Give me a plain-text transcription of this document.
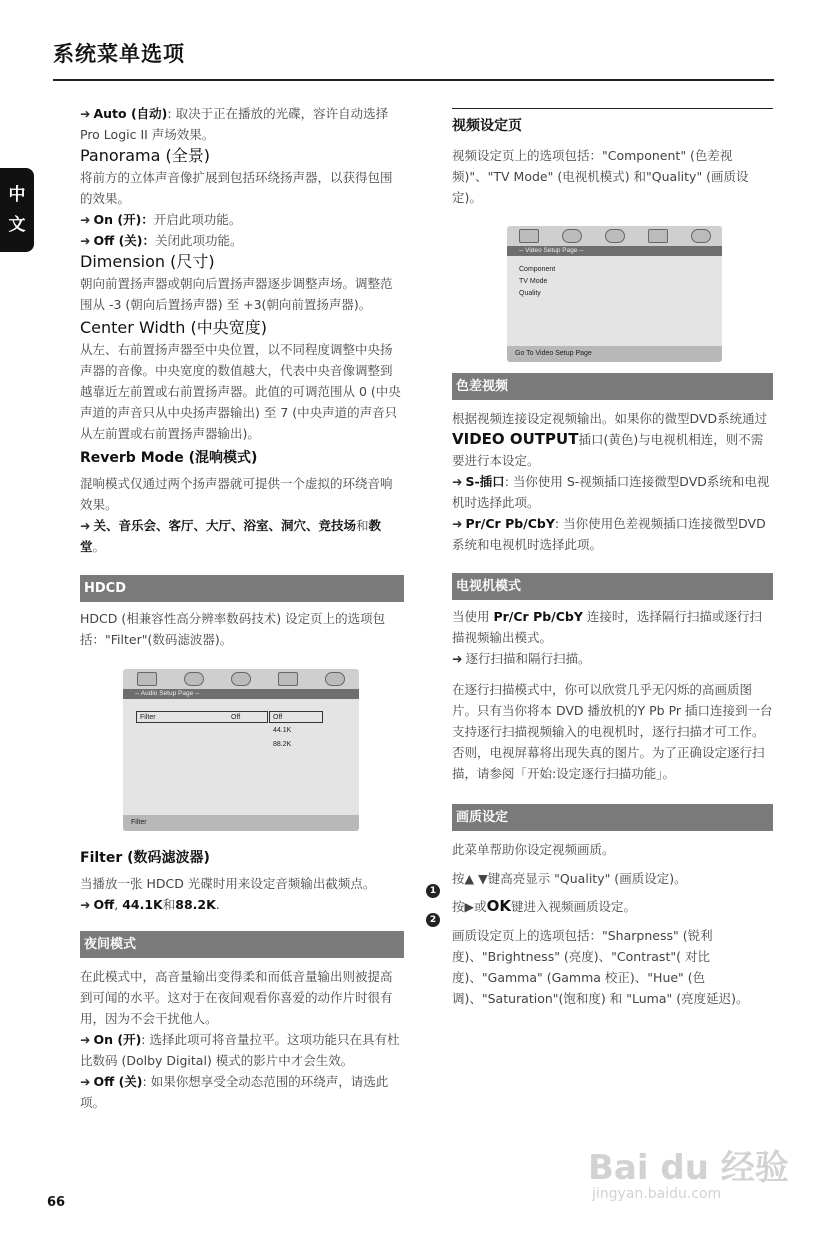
系统菜单选项
中
文
➜ Auto (自动): 取决于正在播放的光碟，容许自动选择 Pro Logic II 声场效果。
Panorama (全景)

将前方的立体声音像扩展到包括环绕扬声器，以获得包围的效果。

➜ On (开)：开启此项功能。
➜ Off (关)：关闭此项功能。
Dimension (尺寸)

朝向前置扬声器或朝向后置扬声器逐步调整声场。调整范围从 -3 (朝向后置扬声器) 至 +3(朝向前置扬声器)。

Center Width (中央宽度)

从左、右前置扬声器至中央位置，以不同程度调整中央扬声器的音像。中央宽度的数值越大，代表中央音像调整到越靠近左前置或右前置扬声器。此值的可调范围从 0 (中央声道的声音只从中央扬声器输出) 至 7 (中央声道的声音只从左前置或右前置扬声器输出)。

Reverb Mode (混响模式)

混响模式仅通过两个扬声器就可提供一个虚拟的环绕音响效果。

➜ 关、音乐会、客厅、大厅、浴室、洞穴、竞技场和教堂。
HDCD

HDCD (相兼容性高分辨率数码技术) 设定页上的选项包括："Filter"(数码滤波器)。

-- Audio Setup Page --
Filter	Off	Off
44.1K
88.2K
Filter
Filter (数码滤波器)

当播放一张 HDCD 光碟时用来设定音频输出截频点。

➜ Off, 44.1K和88.2K.
夜间模式

在此模式中，高音量输出变得柔和而低音量输出则被提高到可闻的水平。这对于在夜间观看你喜爱的动作片时很有用，因为不会干扰他人。

➜ On (开): 选择此项可将音量拉平。这项功能只在具有杜比数码 (Dolby Digital) 模式的影片中才会生效。
➜ Off (关): 如果你想享受全动态范围的环绕声，请选此项。
视频设定页

视频设定页上的选项包括："Component" (色差视频)"、"TV Mode" (电视机模式) 和"Quality" (画质设定)。

-- Video Setup Page --
Component
TV Mode
Quality
Go To Video Setup Page
色差视频

根据视频连接设定视频输出。如果你的微型DVD系统通过VIDEO OUTPUT插口(黄色)与电视机相连，则不需要进行本设定。

➜ S-插口: 当你使用 S-视频插口连接微型DVD系统和电视机时选择此项。
➜ Pr/Cr Pb/CbY: 当你使用色差视频插口连接微型DVD 系统和电视机时选择此项。
电视机模式

当使用 Pr/Cr Pb/CbY 连接时，选择隔行扫描或逐行扫描视频输出模式。

➜ 逐行扫描和隔行扫描。

在逐行扫描模式中，你可以欣赏几乎无闪烁的高画质图片。只有当你将本 DVD 播放机的Y Pb Pr 插口连接到一台支持逐行扫描视频输入的电视机时，逐行扫描才可工作。否则，电视屏幕将出现失真的图片。为了正确设定逐行扫描，请参阅「开始:设定逐行扫描功能」。

画质设定

此菜单帮助你设定视频画质。

按▲ ▼键高亮显示 "Quality" (画质设定)。

按▶或OK键进入视频画质设定。

画质设定页上的选项包括："Sharpness" (锐利度)、"Brightness" (亮度)、"Contrast"( 对比度)、"Gamma" (Gamma 校正)、"Hue" (色调)、"Saturation"(饱和度) 和 "Luma" (亮度延迟)。

1
2
66
Bai du 经验
jingyan.baidu.com
